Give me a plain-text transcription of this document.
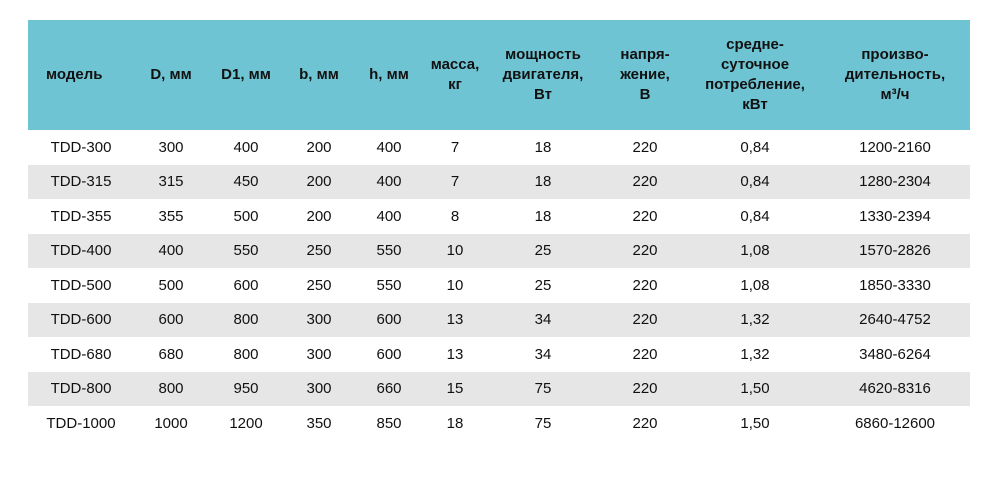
модель	D, мм	D1, мм	b, мм	h, мм	масса,
кг	мощность
двигателя,
Вт	напря-
жение,
В	средне-
суточное
потребление,
кВт	произво-
дительность,
м³/ч

TDD-300	300	400	200	400	7	18	220	0,84	1200-2160
TDD-315	315	450	200	400	7	18	220	0,84	1280-2304
TDD-355	355	500	200	400	8	18	220	0,84	1330-2394
TDD-400	400	550	250	550	10	25	220	1,08	1570-2826
TDD-500	500	600	250	550	10	25	220	1,08	1850-3330
TDD-600	600	800	300	600	13	34	220	1,32	2640-4752
TDD-680	680	800	300	600	13	34	220	1,32	3480-6264
TDD-800	800	950	300	660	15	75	220	1,50	4620-8316
TDD-1000	1000	1200	350	850	18	75	220	1,50	6860-12600
